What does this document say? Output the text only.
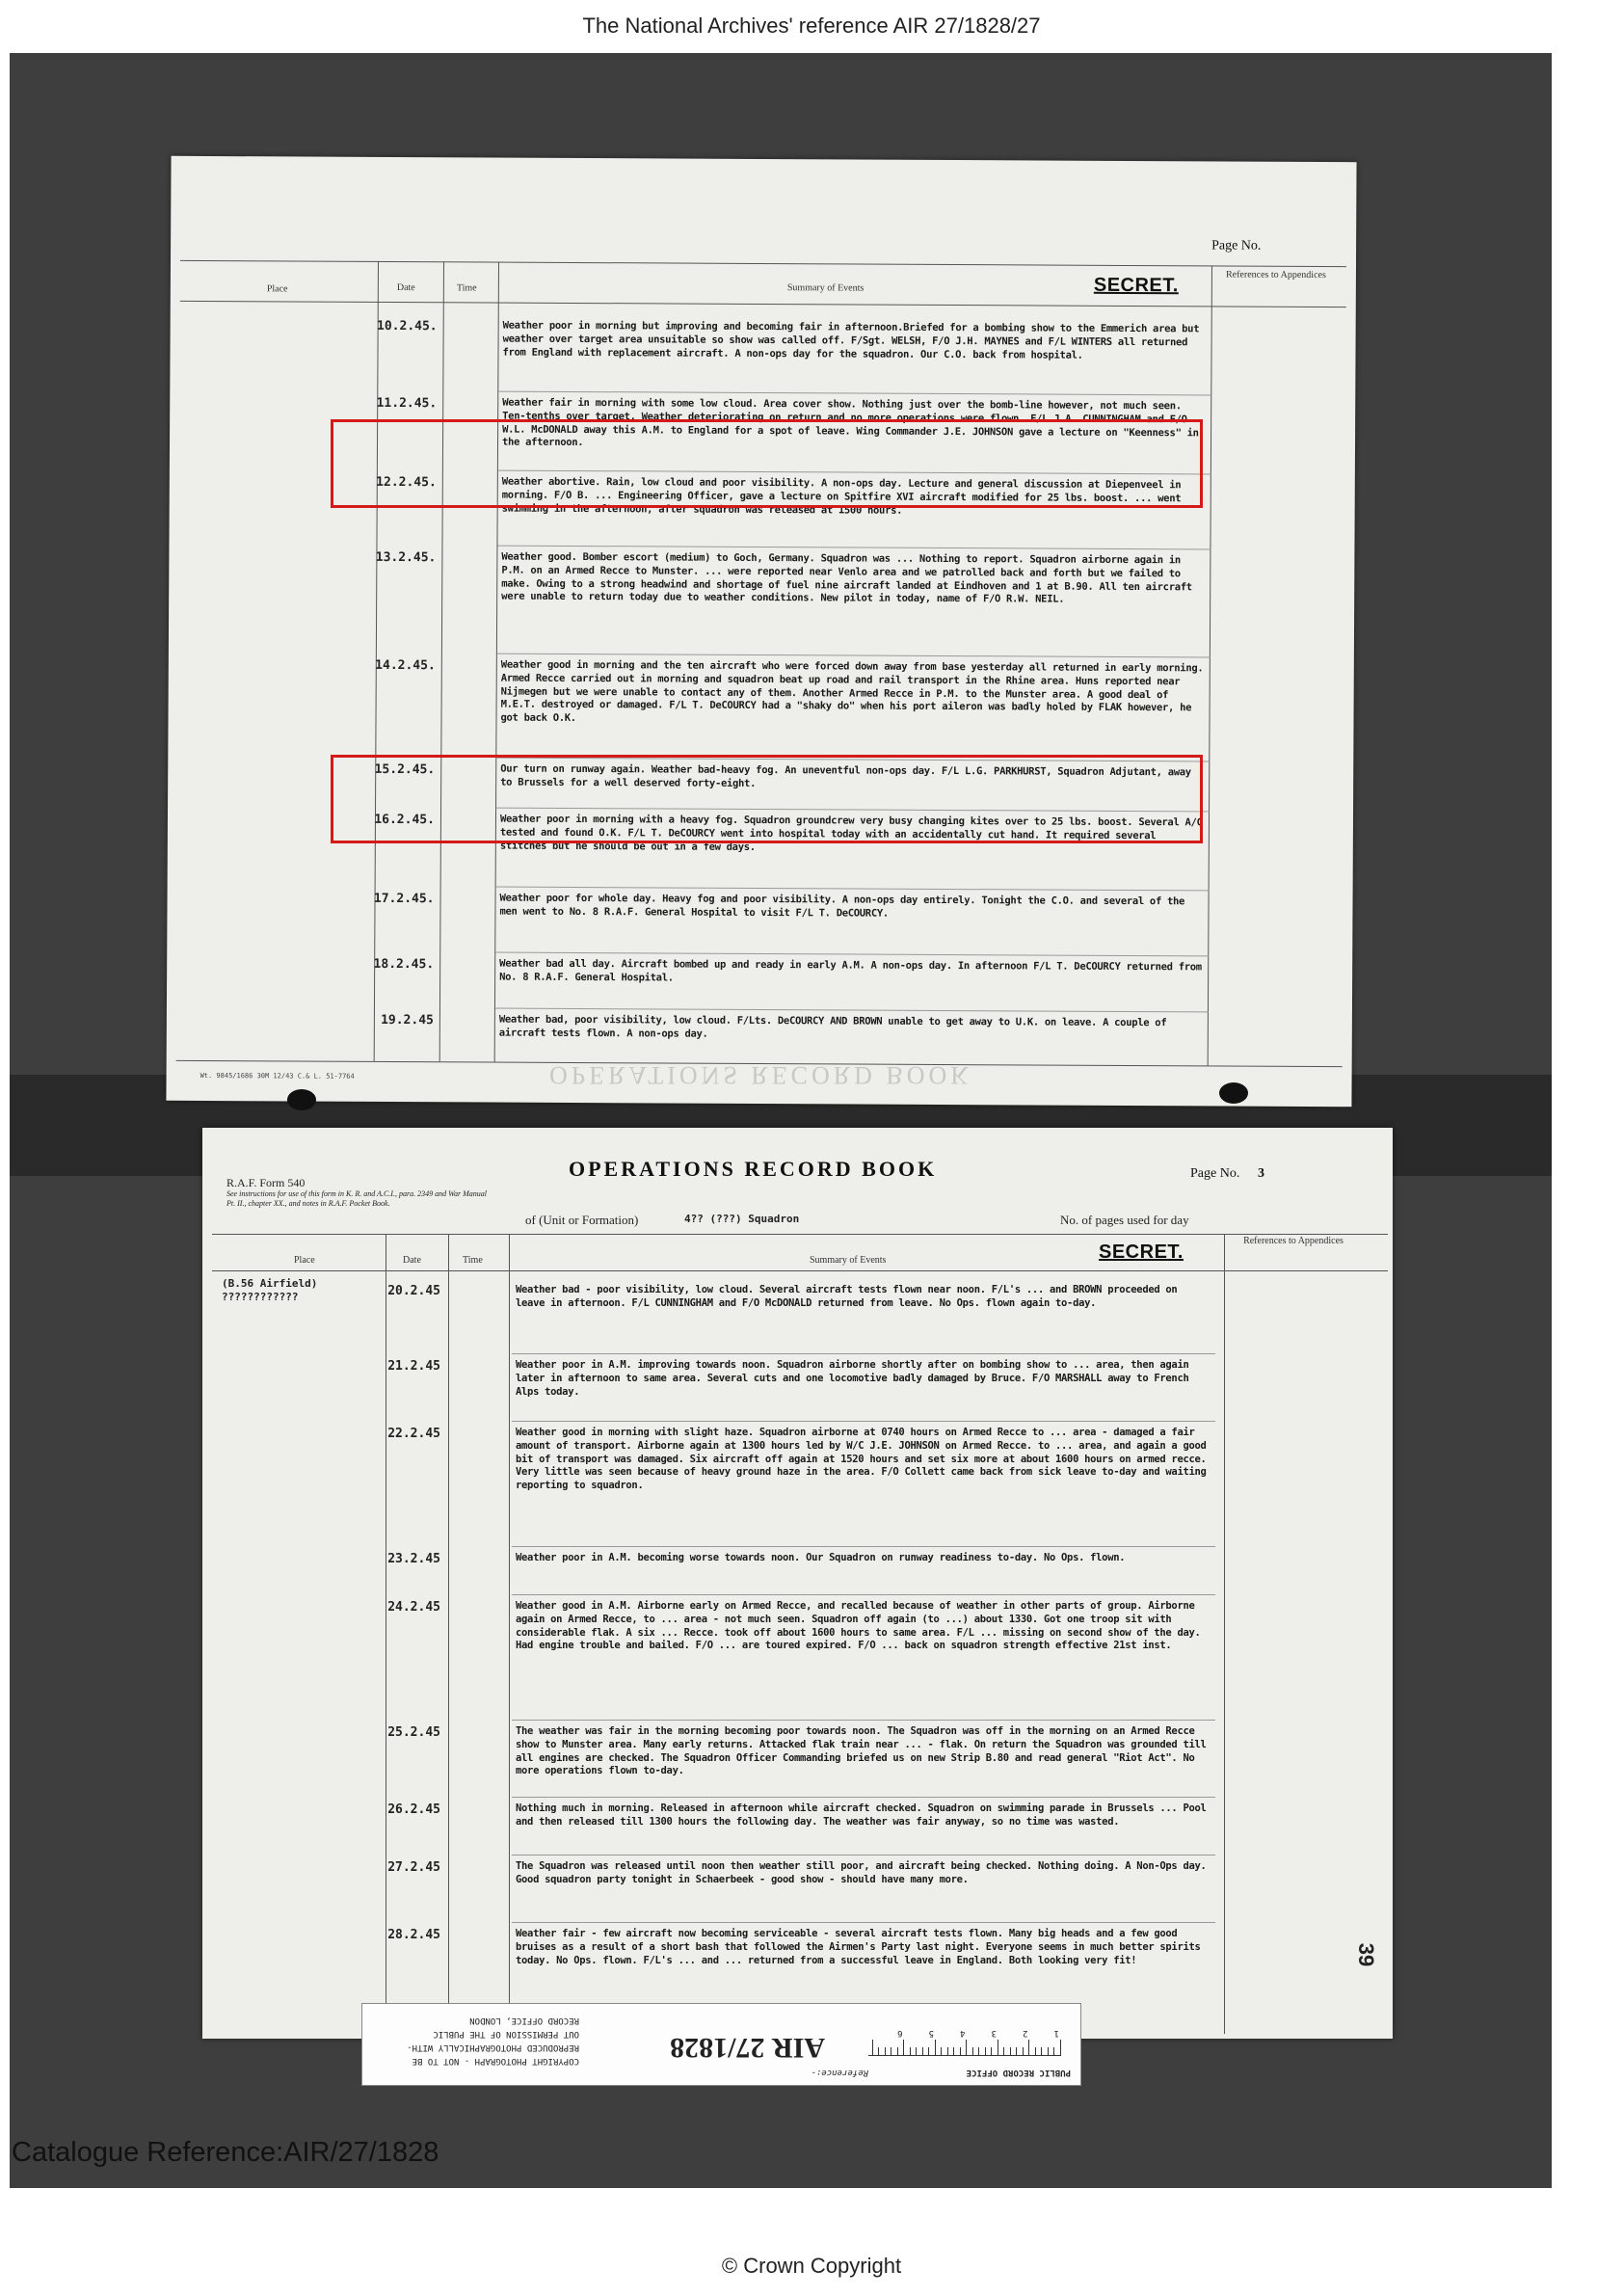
The National Archives' reference AIR 27/1828/27
Page No.
SECRET.
Place	Date	Time	Summary of Events
References to Appendices
10.2.45.	Weather poor in morning but improving and becoming fair in afternoon.Briefed for a bombing show to the Emmerich area but weather over target area unsuitable so show was called off. F/Sgt. WELSH, F/O J.H. MAYNES and F/L WINTERS all returned from England with replacement aircraft. A non-ops day for the squadron. Our C.O. back from hospital.
11.2.45.	Weather fair in morning with some low cloud. Area cover show. Nothing just over the bomb-line however, not much seen. Ten-tenths over target. Weather deteriorating on return and no more operations were flown. F/L J.A. CUNNINGHAM and F/O W.L. McDONALD away this A.M. to England for a spot of leave. Wing Commander J.E. JOHNSON gave a lecture on "Keenness" in the afternoon.
12.2.45.	Weather abortive. Rain, low cloud and poor visibility. A non-ops day. Lecture and general discussion at Diepenveel in morning. F/O B. ... Engineering Officer, gave a lecture on Spitfire XVI aircraft modified for 25 lbs. boost. ... went swimming in the afternoon, after squadron was released at 1500 hours.
13.2.45.	Weather good. Bomber escort (medium) to Goch, Germany. Squadron was ... Nothing to report. Squadron airborne again in P.M. on an Armed Recce to Munster. ... were reported near Venlo area and we patrolled back and forth but we failed to make. Owing to a strong headwind and shortage of fuel nine aircraft landed at Eindhoven and 1 at B.90. All ten aircraft were unable to return today due to weather conditions. New pilot in today, name of F/O R.W. NEIL.
14.2.45.	Weather good in morning and the ten aircraft who were forced down away from base yesterday all returned in early morning. Armed Recce carried out in morning and squadron beat up road and rail transport in the Rhine area. Huns reported near Nijmegen but we were unable to contact any of them. Another Armed Recce in P.M. to the Munster area. A good deal of M.E.T. destroyed or damaged. F/L T. DeCOURCY had a "shaky do" when his port aileron was badly holed by FLAK however, he got back O.K.
15.2.45.	Our turn on runway again. Weather bad-heavy fog. An uneventful non-ops day. F/L L.G. PARKHURST, Squadron Adjutant, away to Brussels for a well deserved forty-eight.
16.2.45.	Weather poor in morning with a heavy fog. Squadron groundcrew very busy changing kites over to 25 lbs. boost. Several A/C tested and found O.K. F/L T. DeCOURCY went into hospital today with an accidentally cut hand. It required several stitches but he should be out in a few days.
17.2.45.	Weather poor for whole day. Heavy fog and poor visibility. A non-ops day entirely. Tonight the C.O. and several of the men went to No. 8 R.A.F. General Hospital to visit F/L T. DeCOURCY.
18.2.45.	Weather bad all day. Aircraft bombed up and ready in early A.M. A non-ops day. In afternoon F/L T. DeCOURCY returned from No. 8 R.A.F. General Hospital.
19.2.45	Weather bad, poor visibility, low cloud. F/Lts. DeCOURCY AND BROWN unable to get away to U.K. on leave. A couple of aircraft tests flown. A non-ops day.
Wt. 9845/1686 30M 12/43 C.& L. 51-7764	OPERATIONS RECORD BOOK
R.A.F. Form 540
See instructions for use of this form in K. R. and A.C.I., para. 2349 and War Manual Pt. II., chapter XX., and notes in R.A.F. Pocket Book.
OPERATIONS RECORD BOOK	Page No. 3
of (Unit or Formation)	4?? (???) Squadron	No. of pages used for day
Place	Date	Time	Summary of Events	SECRET.
References to Appendices
(B.56 Airfield)
????????????	20.2.45	Weather bad - poor visibility, low cloud. Several aircraft tests flown near noon. F/L's ... and BROWN proceeded on leave in afternoon. F/L CUNNINGHAM and F/O McDONALD returned from leave. No Ops. flown again to-day.
21.2.45	Weather poor in A.M. improving towards noon. Squadron airborne shortly after on bombing show to ... area, then again later in afternoon to same area. Several cuts and one locomotive badly damaged by Bruce. F/O MARSHALL away to French Alps today.
22.2.45	Weather good in morning with slight haze. Squadron airborne at 0740 hours on Armed Recce to ... area - damaged a fair amount of transport. Airborne again at 1300 hours led by W/C J.E. JOHNSON on Armed Recce. to ... area, and again a good bit of transport was damaged. Six aircraft off again at 1520 hours and set six more at about 1600 hours on armed recce. Very little was seen because of heavy ground haze in the area. F/O Collett came back from sick leave to-day and waiting reporting to squadron.
23.2.45	Weather poor in A.M. becoming worse towards noon. Our Squadron on runway readiness to-day. No Ops. flown.
24.2.45	Weather good in A.M. Airborne early on Armed Recce, and recalled because of weather in other parts of group. Airborne again on Armed Recce, to ... area - not much seen. Squadron off again (to ...) about 1330. Got one troop sit with considerable flak. A six ... Recce. took off about 1600 hours to same area. F/L ... missing on second show of the day. Had engine trouble and bailed. F/O ... are toured expired. F/O ... back on squadron strength effective 21st inst.
25.2.45	The weather was fair in the morning becoming poor towards noon. The Squadron was off in the morning on an Armed Recce show to Munster area. Many early returns. Attacked flak train near ... - flak. On return the Squadron was grounded till all engines are checked. The Squadron Officer Commanding briefed us on new Strip B.80 and read general "Riot Act". No more operations flown to-day.
26.2.45	Nothing much in morning. Released in afternoon while aircraft checked. Squadron on swimming parade in Brussels ... Pool and then released till 1300 hours the following day. The weather was fair anyway, so no time was wasted.
27.2.45	The Squadron was released until noon then weather still poor, and aircraft being checked. Nothing doing. A Non-Ops day. Good squadron party tonight in Schaerbeek - good show - should have many more.
28.2.45	Weather fair - few aircraft now becoming serviceable - several aircraft tests flown. Many big heads and a few good bruises as a result of a short bash that followed the Airmen's Party last night. Everyone seems in much better spirits today. No Ops. flown. F/L's ... and ... returned from a successful leave in England. Both looking very fit!	39
PUBLIC RECORD OFFICE
Reference:-
AIR 27/1828
COPYRIGHT PHOTOGRAPH - NOT TO BE
REPRODUCED PHOTOGRAPHICALLY WITH-
OUT PERMISSION OF THE PUBLIC
RECORD OFFICE, LONDON
1
2
3
4
5
6
Catalogue Reference:AIR/27/1828
© Crown Copyright
